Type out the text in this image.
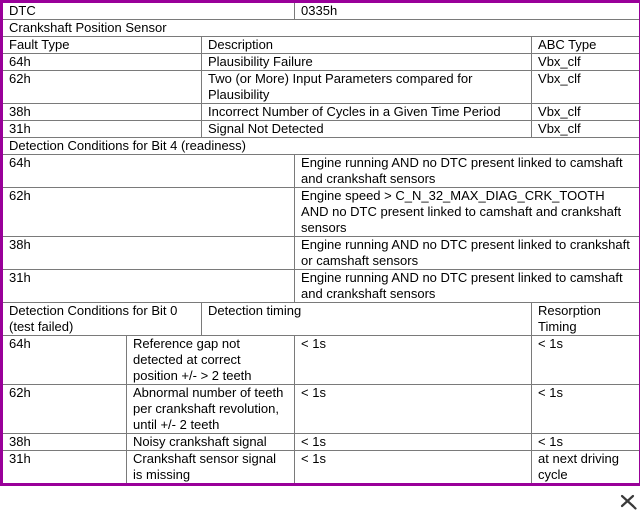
DTC			0335h	
Crankshaft Position Sensor				
Fault Type		Description		ABC Type
64h		Plausibility Failure		Vbx_clf
62h		Two (or More) Input Parameters compared for Plausibility		Vbx_clf
38h		Incorrect Number of Cycles in a Given Time Period		Vbx_clf
31h		Signal Not Detected		Vbx_clf
Detection Conditions for Bit 4 (readiness)				
64h			Engine running AND no DTC present linked to camshaft and crankshaft sensors	
62h			Engine speed > C_N_32_MAX_DIAG_CRK_TOOTH AND no DTC present linked to camshaft and crankshaft sensors	
38h			Engine running AND no DTC present linked to crankshaft or camshaft sensors	
31h			Engine running AND no DTC present linked to camshaft and crankshaft sensors	
Detection Conditions for Bit 0 (test failed)		Detection timing		Resorption Timing
64h	Reference gap not detected at correct position +/- > 2 teeth		< 1s	< 1s
62h	Abnormal number of teeth per crankshaft revolution, until +/- 2 teeth		< 1s	< 1s
38h	Noisy crankshaft signal		< 1s	< 1s
31h	Crankshaft sensor signal is missing		< 1s	at next driving cycle
